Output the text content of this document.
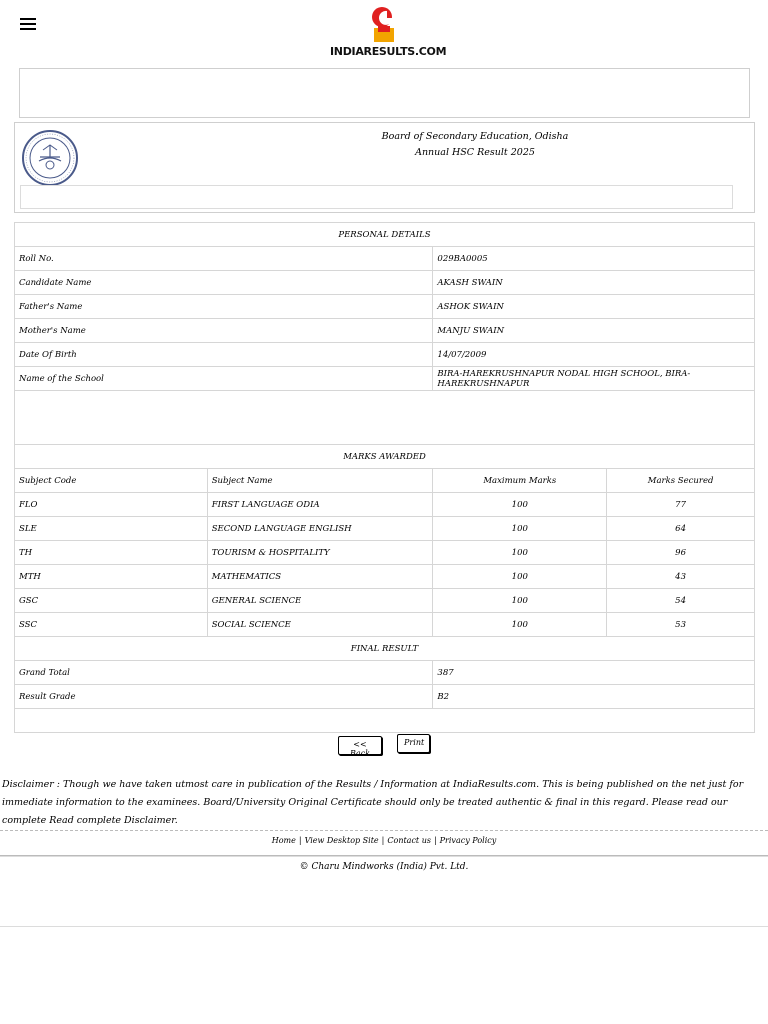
INDIARESULTS.COM
Board of Secondary Education, Odisha
Annual HSC Result 2025
PERSONAL DETAILS			
Roll No.		029BA0005	
Candidate Name		AKASH SWAIN	
Father's Name		ASHOK SWAIN	
Mother's Name		MANJU SWAIN	
Date Of Birth		14/07/2009	
Name of the School		BIRA-HAREKRUSHNAPUR NODAL HIGH SCHOOL, BIRA-HAREKRUSHNAPUR	

MARKS AWARDED			
Subject Code	Subject Name	Maximum Marks	Marks Secured
FLO	FIRST LANGUAGE ODIA	100	77
SLE	SECOND LANGUAGE ENGLISH	100	64
TH	TOURISM & HOSPITALITY	100	96
MTH	MATHEMATICS	100	43
GSC	GENERAL SCIENCE	100	54
SSC	SOCIAL SCIENCE	100	53
FINAL RESULT			
Grand Total		387	
Result Grade		B2	

<< Back Print
Disclaimer : Though we have taken utmost care in publication of the Results / Information at IndiaResults.com. This is being published on the net just for immediate information to the examinees. Board/University Original Certificate should only be treated authentic & final in this regard. Please read our complete Read complete Disclaimer.
Home | View Desktop Site | Contact us | Privacy Policy
© Charu Mindworks (India) Pvt. Ltd.
